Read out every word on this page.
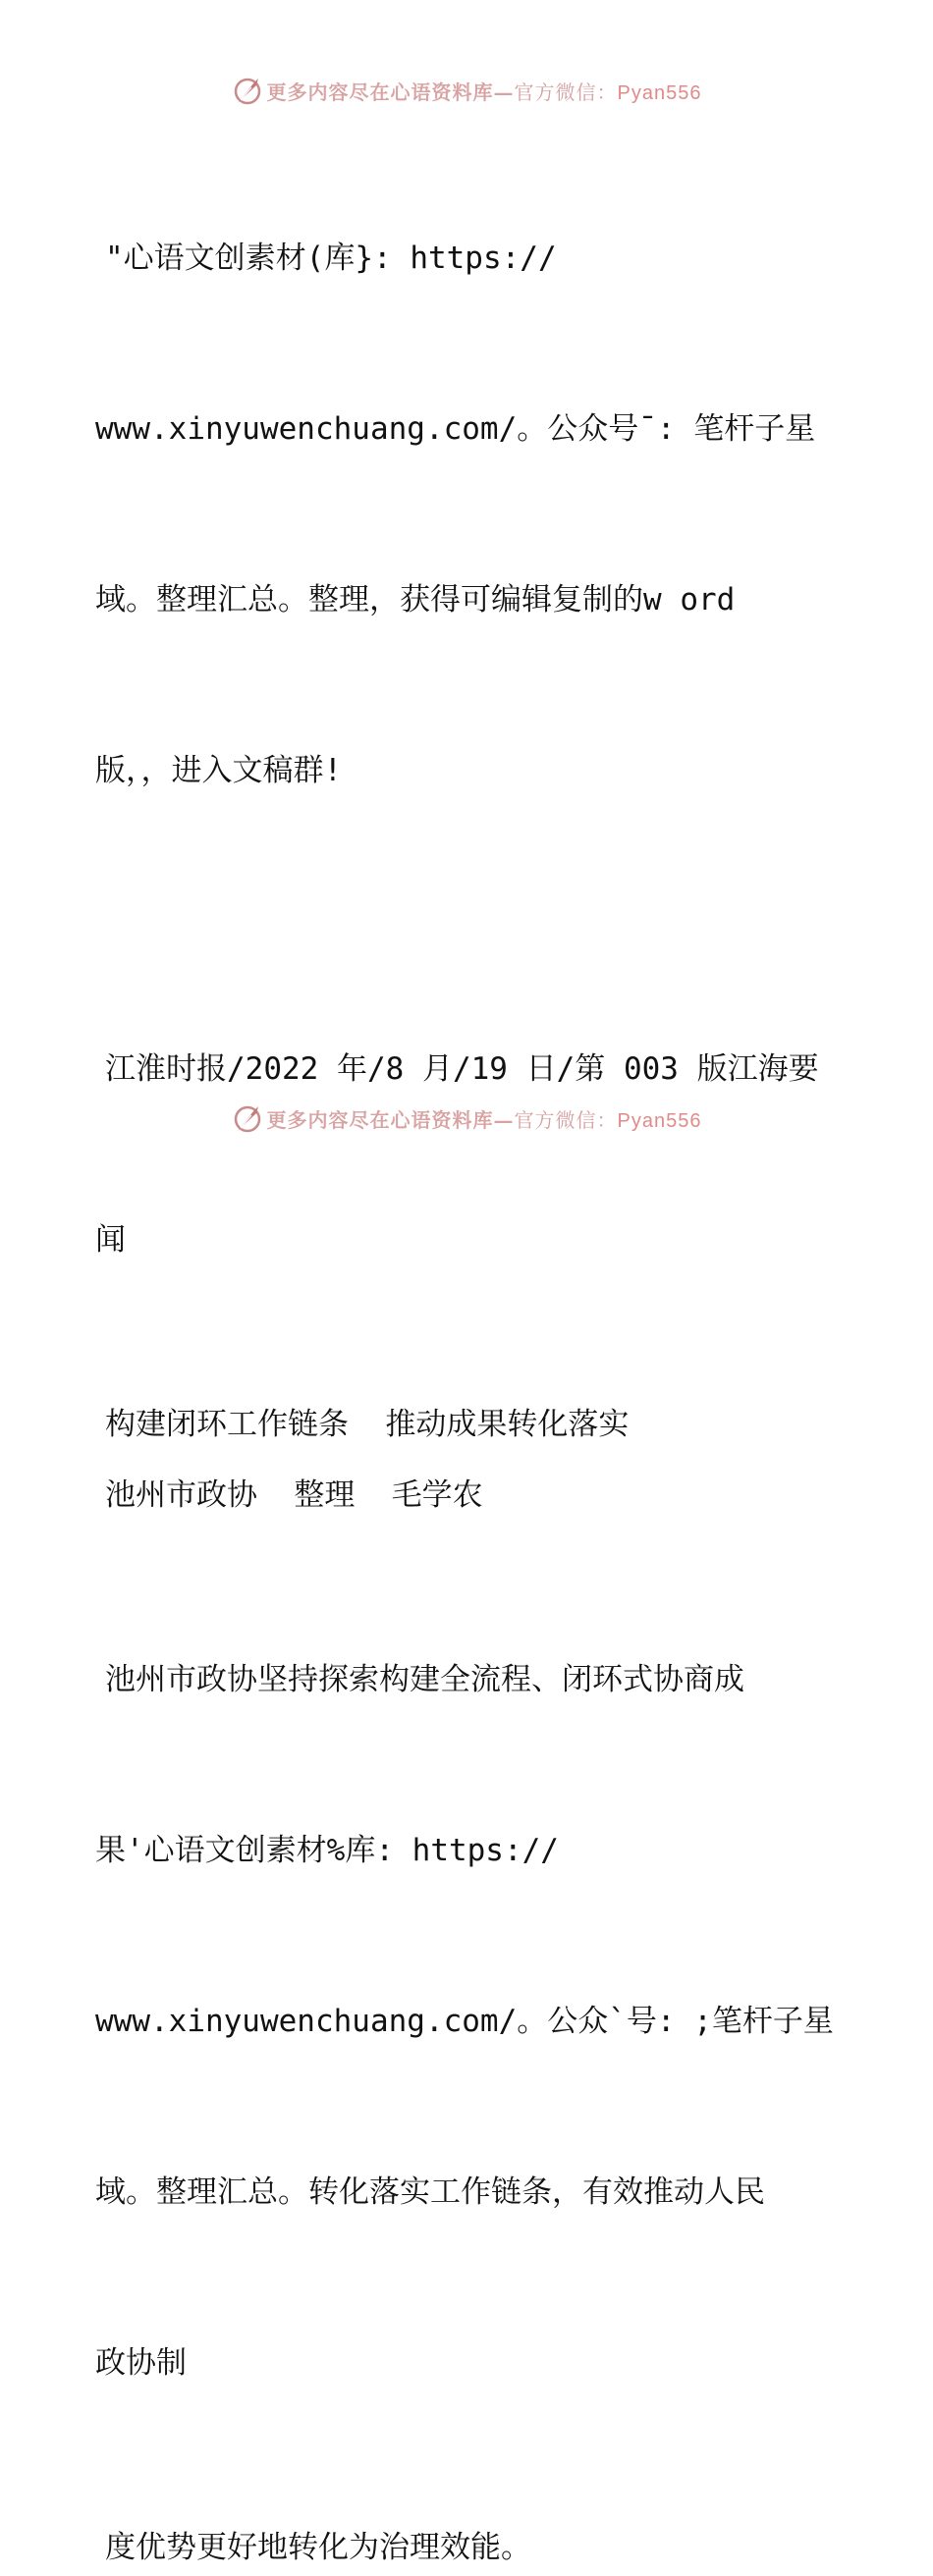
更多内容尽在心语资料库—官方微信：Pyan556

"心语文创素材(库}: https://

www.xinyuwenchuang.com/。公众号¯: 笔杆子星

域。整理汇总。整理，获得可编辑复制的w ord

版，，进入文稿群!

江淮时报/2022 年/8 月/19 日/第 003 版江海要

闻

构建闭环工作链条  推动成果转化落实
池州市政协  整理  毛学农

池州市政协坚持探索构建全流程、闭环式协商成

果'心语文创素材%库: https://

www.xinyuwenchuang.com/。公众`号: ;笔杆子星

域。整理汇总。转化落实工作链条，有效推动人民

政协制

度优势更好地转化为治理效能。
更多内容尽在心语资料库—官方微信：Pyan556
